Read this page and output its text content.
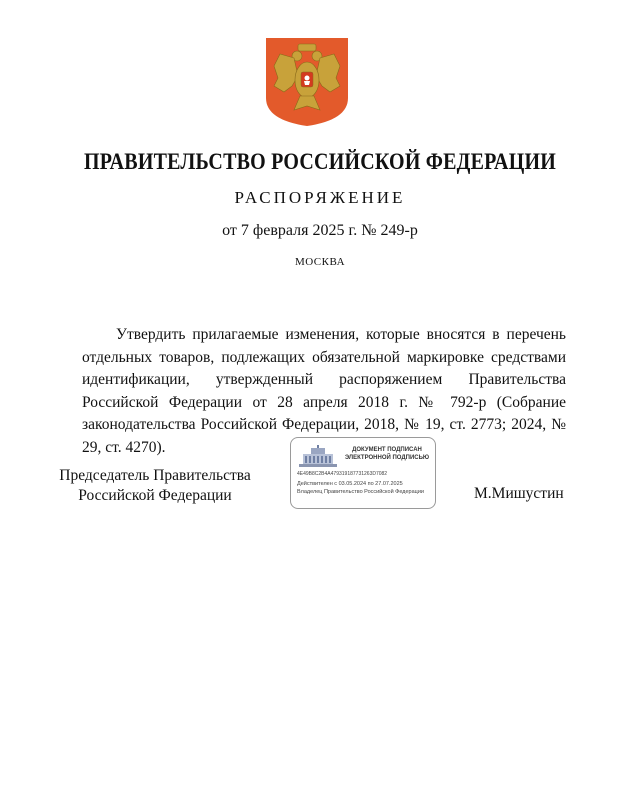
ПРАВИТЕЛЬСТВО РОССИЙСКОЙ ФЕДЕРАЦИИ
РАСПОРЯЖЕНИЕ
от 7 февраля 2025 г. № 249-р
МОСКВА
Утвердить прилагаемые изменения, которые вносятся в перечень отдельных товаров, подлежащих обязательной маркировке средствами идентификации, утвержденный распоряжением Правительства Российской Федерации от 28 апреля 2018 г. № 792-р (Собрание законодательства Российской Федерации, 2018, № 19, ст. 2773; 2024, № 29, ст. 4270).
Председатель Правительства Российской Федерации
ДОКУМЕНТ ПОДПИСАН ЭЛЕКТРОННОЙ ПОДПИСЬЮ
4E49B8C2B4A479319187731263D7082
Действителен с 03.05.2024 по 27.07.2025
Владелец Правительство Российской Федерации	М.Мишустин
